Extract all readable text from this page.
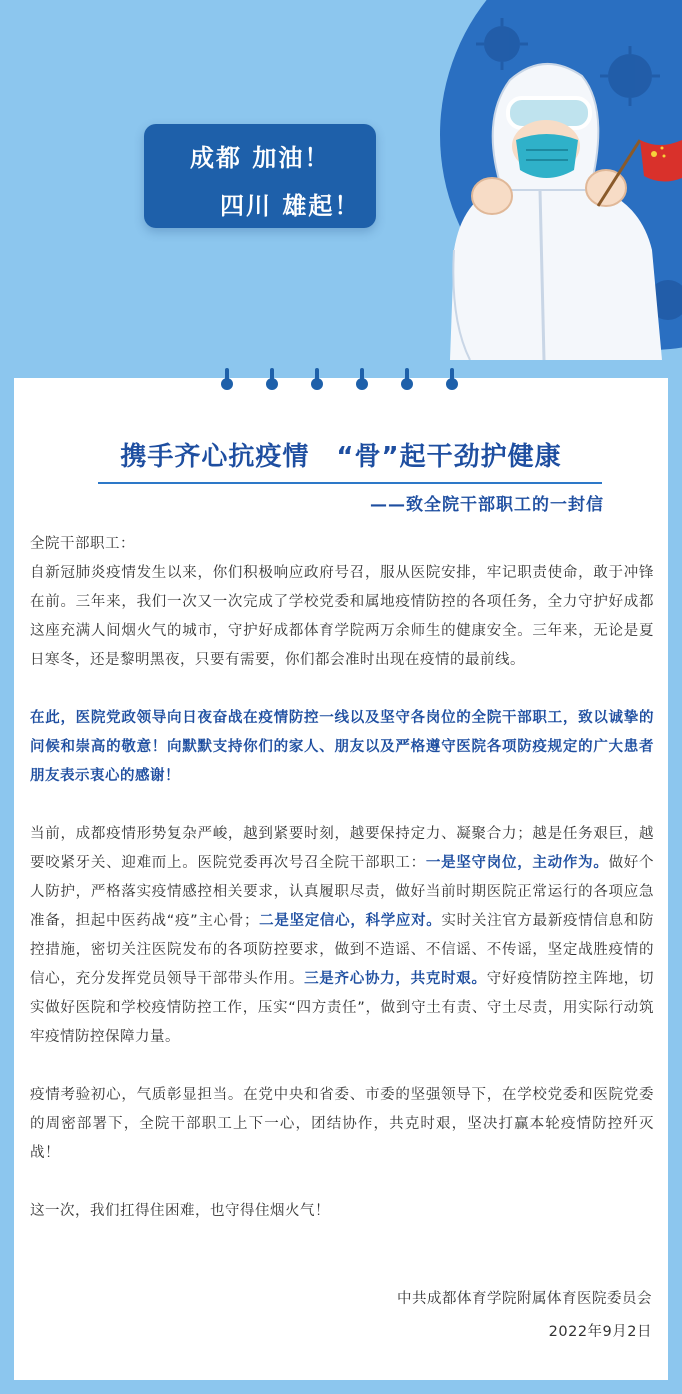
成都 加油！
四川 雄起！
携手齐心抗疫情　“骨”起干劲护健康
——致全院干部职工的一封信

全院干部职工：

自新冠肺炎疫情发生以来，你们积极响应政府号召，服从医院安排，牢记职责使命，敢于冲锋在前。三年来，我们一次又一次完成了学校党委和属地疫情防控的各项任务，全力守护好成都这座充满人间烟火气的城市，守护好成都体育学院两万余师生的健康安全。三年来，无论是夏日寒冬，还是黎明黑夜，只要有需要，你们都会准时出现在疫情的最前线。

在此，医院党政领导向日夜奋战在疫情防控一线以及坚守各岗位的全院干部职工，致以诚挚的问候和崇高的敬意！向默默支持你们的家人、朋友以及严格遵守医院各项防疫规定的广大患者朋友表示衷心的感谢！

当前，成都疫情形势复杂严峻，越到紧要时刻，越要保持定力、凝聚合力；越是任务艰巨，越要咬紧牙关、迎难而上。医院党委再次号召全院干部职工：一是坚守岗位，主动作为。做好个人防护，严格落实疫情感控相关要求，认真履职尽责，做好当前时期医院正常运行的各项应急准备，担起中医药战“疫”主心骨；二是坚定信心，科学应对。实时关注官方最新疫情信息和防控措施，密切关注医院发布的各项防控要求，做到不造谣、不信谣、不传谣，坚定战胜疫情的信心，充分发挥党员领导干部带头作用。三是齐心协力，共克时艰。守好疫情防控主阵地，切实做好医院和学校疫情防控工作，压实“四方责任”，做到守土有责、守土尽责，用实际行动筑牢疫情防控保障力量。

疫情考验初心，气质彰显担当。在党中央和省委、市委的坚强领导下，在学校党委和医院党委的周密部署下，全院干部职工上下一心，团结协作，共克时艰，坚决打赢本轮疫情防控歼灭战！

这一次，我们扛得住困难，也守得住烟火气！

中共成都体育学院附属体育医院委员会
2022年9月2日
